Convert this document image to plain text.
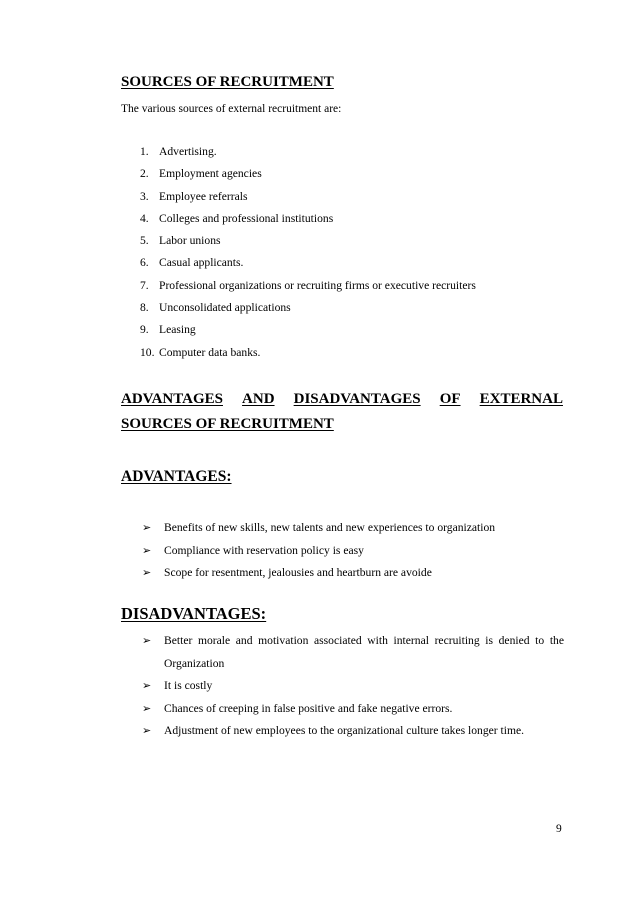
SOURCES OF RECRUITMENT
The various sources of external recruitment are:
1. Advertising.
2. Employment agencies
3. Employee referrals
4. Colleges and professional institutions
5. Labor unions
6. Casual applicants.
7. Professional organizations or recruiting firms or executive recruiters
8. Unconsolidated applications
9. Leasing
10. Computer data banks.
ADVANTAGES AND DISADVANTAGES OF EXTERNAL
SOURCES OF RECRUITMENT
ADVANTAGES:
➢ Benefits of new skills, new talents and new experiences to organization
➢ Compliance with reservation policy is easy
➢ Scope for resentment, jealousies and heartburn are avoide
DISADVANTAGES:
➢ Better morale and motivation associated with internal recruiting is denied to the Organization
➢ It is costly
➢ Chances of creeping in false positive and fake negative errors.
➢ Adjustment of new employees to the organizational culture takes longer time.
9
